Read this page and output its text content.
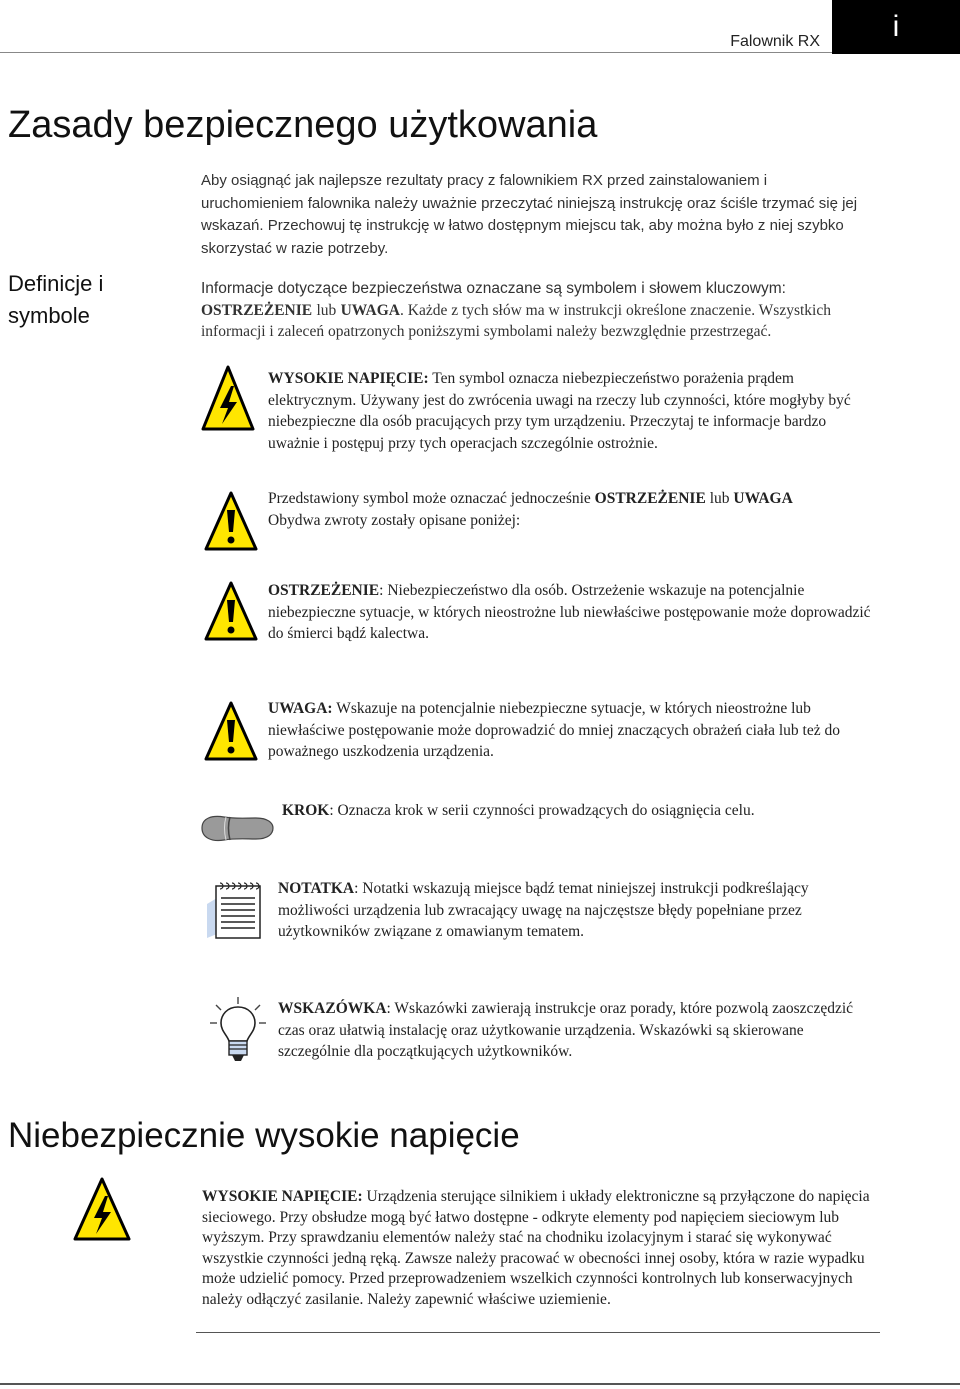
Falownik RX	i
Zasady bezpiecznego użytkowania
Aby osiągnąć jak najlepsze rezultaty pracy z falownikiem RX przed zainstalowaniem i uruchomieniem falownika należy uważnie przeczytać niniejszą instrukcję oraz ściśle trzymać się jej wskazań. Przechowuj tę instrukcję w łatwo dostępnym miejscu tak, aby można było z niej szybko skorzystać w razie potrzeby.
Definicje i
symbole
Informacje dotyczące bezpieczeństwa oznaczane są symbolem i słowem kluczowym: OSTRZEŻENIE lub UWAGA. Każde z tych słów ma w instrukcji określone znaczenie. Wszystkich informacji i zaleceń opatrzonych poniższymi symbolami należy bezwzględnie przestrzegać.
WYSOKIE NAPIĘCIE: Ten symbol oznacza niebezpieczeństwo porażenia prądem elektrycznym. Używany jest do zwrócenia uwagi na rzeczy lub czynności, które mogłyby być niebezpieczne dla osób pracujących przy tym urządzeniu. Przeczytaj te informacje bardzo uważnie i postępuj przy tych operacjach szczególnie ostrożnie.
Przedstawiony symbol może oznaczać jednocześnie OSTRZEŻENIE lub UWAGA
Obydwa zwroty zostały opisane poniżej:
OSTRZEŻENIE: Niebezpieczeństwo dla osób. Ostrzeżenie wskazuje na potencjalnie niebezpieczne sytuacje, w których nieostrożne lub niewłaściwe postępowanie może doprowadzić do śmierci bądź kalectwa.
UWAGA: Wskazuje na potencjalnie niebezpieczne sytuacje, w których nieostrożne lub niewłaściwe postępowanie może doprowadzić do mniej znaczących obrażeń ciała lub też do poważnego uszkodzenia urządzenia.
KROK: Oznacza krok w serii czynności prowadzących do osiągnięcia celu.
NOTATKA: Notatki wskazują miejsce bądź temat niniejszej instrukcji podkreślający możliwości urządzenia lub zwracający uwagę na najczęstsze błędy popełniane przez użytkowników związane z omawianym tematem.
WSKAZÓWKA: Wskazówki zawierają instrukcje oraz porady, które pozwolą zaoszczędzić czas oraz ułatwią instalację oraz użytkowanie urządzenia. Wskazówki są skierowane szczególnie dla początkujących użytkowników.
Niebezpiecznie wysokie napięcie
WYSOKIE NAPIĘCIE: Urządzenia sterujące silnikiem i układy elektroniczne są przyłączone do napięcia sieciowego. Przy obsłudze mogą być łatwo dostępne - odkryte elementy pod napięciem sieciowym lub wyższym. Przy sprawdzaniu elementów należy stać na chodniku izolacyjnym i starać się wykonywać wszystkie czynności jedną ręką. Zawsze należy pracować w obecności innej osoby, która w razie wypadku może udzielić pomocy. Przed przeprowadzeniem wszelkich czynności kontrolnych lub konserwacyjnych należy odłączyć zasilanie. Należy zapewnić właściwe uziemienie.
